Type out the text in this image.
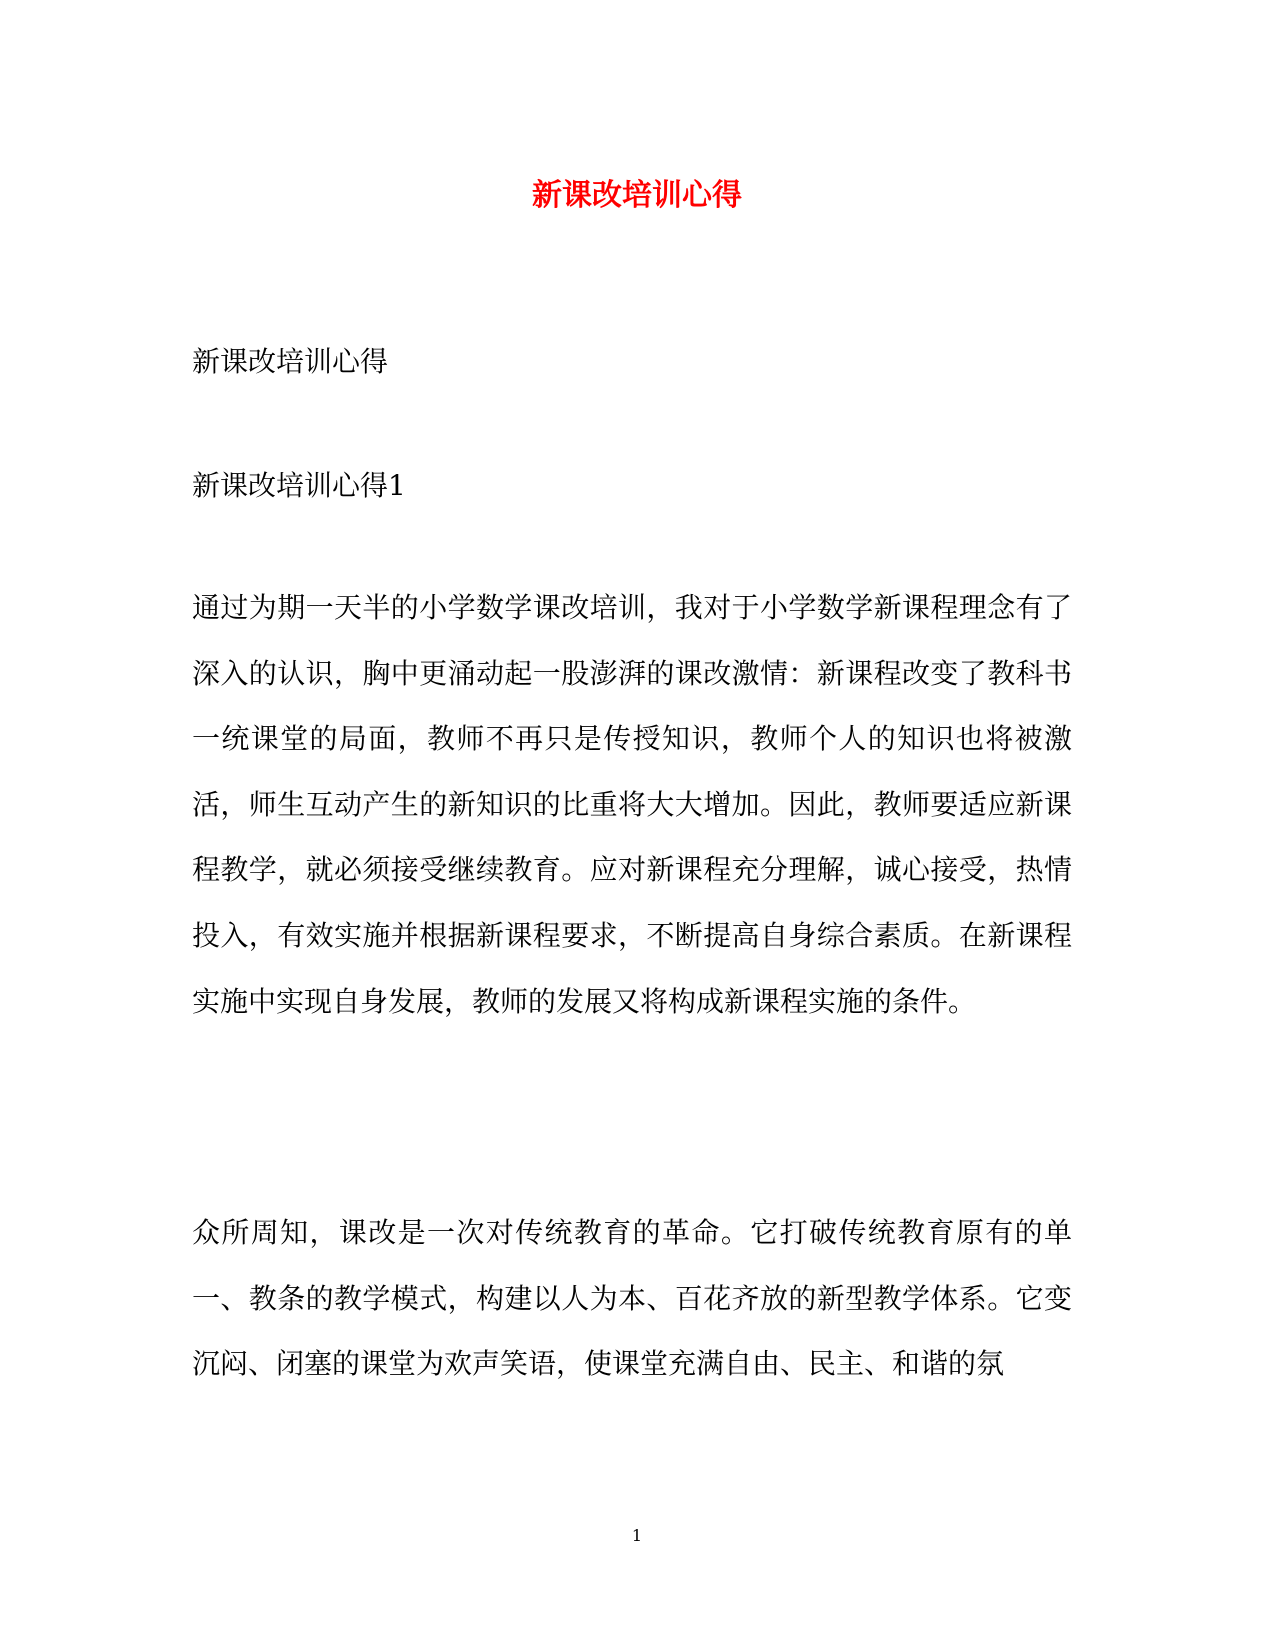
新课改培训心得

新课改培训心得

新课改培训心得1

通过为期一天半的小学数学课改培训，我对于小学数学新课程理念有了深入的认识，胸中更涌动起一股澎湃的课改激情：新课程改变了教科书一统课堂的局面，教师不再只是传授知识，教师个人的知识也将被激活，师生互动产生的新知识的比重将大大增加。因此，教师要适应新课程教学，就必须接受继续教育。应对新课程充分理解，诚心接受，热情投入，有效实施并根据新课程要求，不断提高自身综合素质。在新课程实施中实现自身发展，教师的发展又将构成新课程实施的条件。

众所周知，课改是一次对传统教育的革命。它打破传统教育原有的单一、教条的教学模式，构建以人为本、百花齐放的新型教学体系。它变沉闷、闭塞的课堂为欢声笑语，使课堂充满自由、民主、和谐的氛

1
